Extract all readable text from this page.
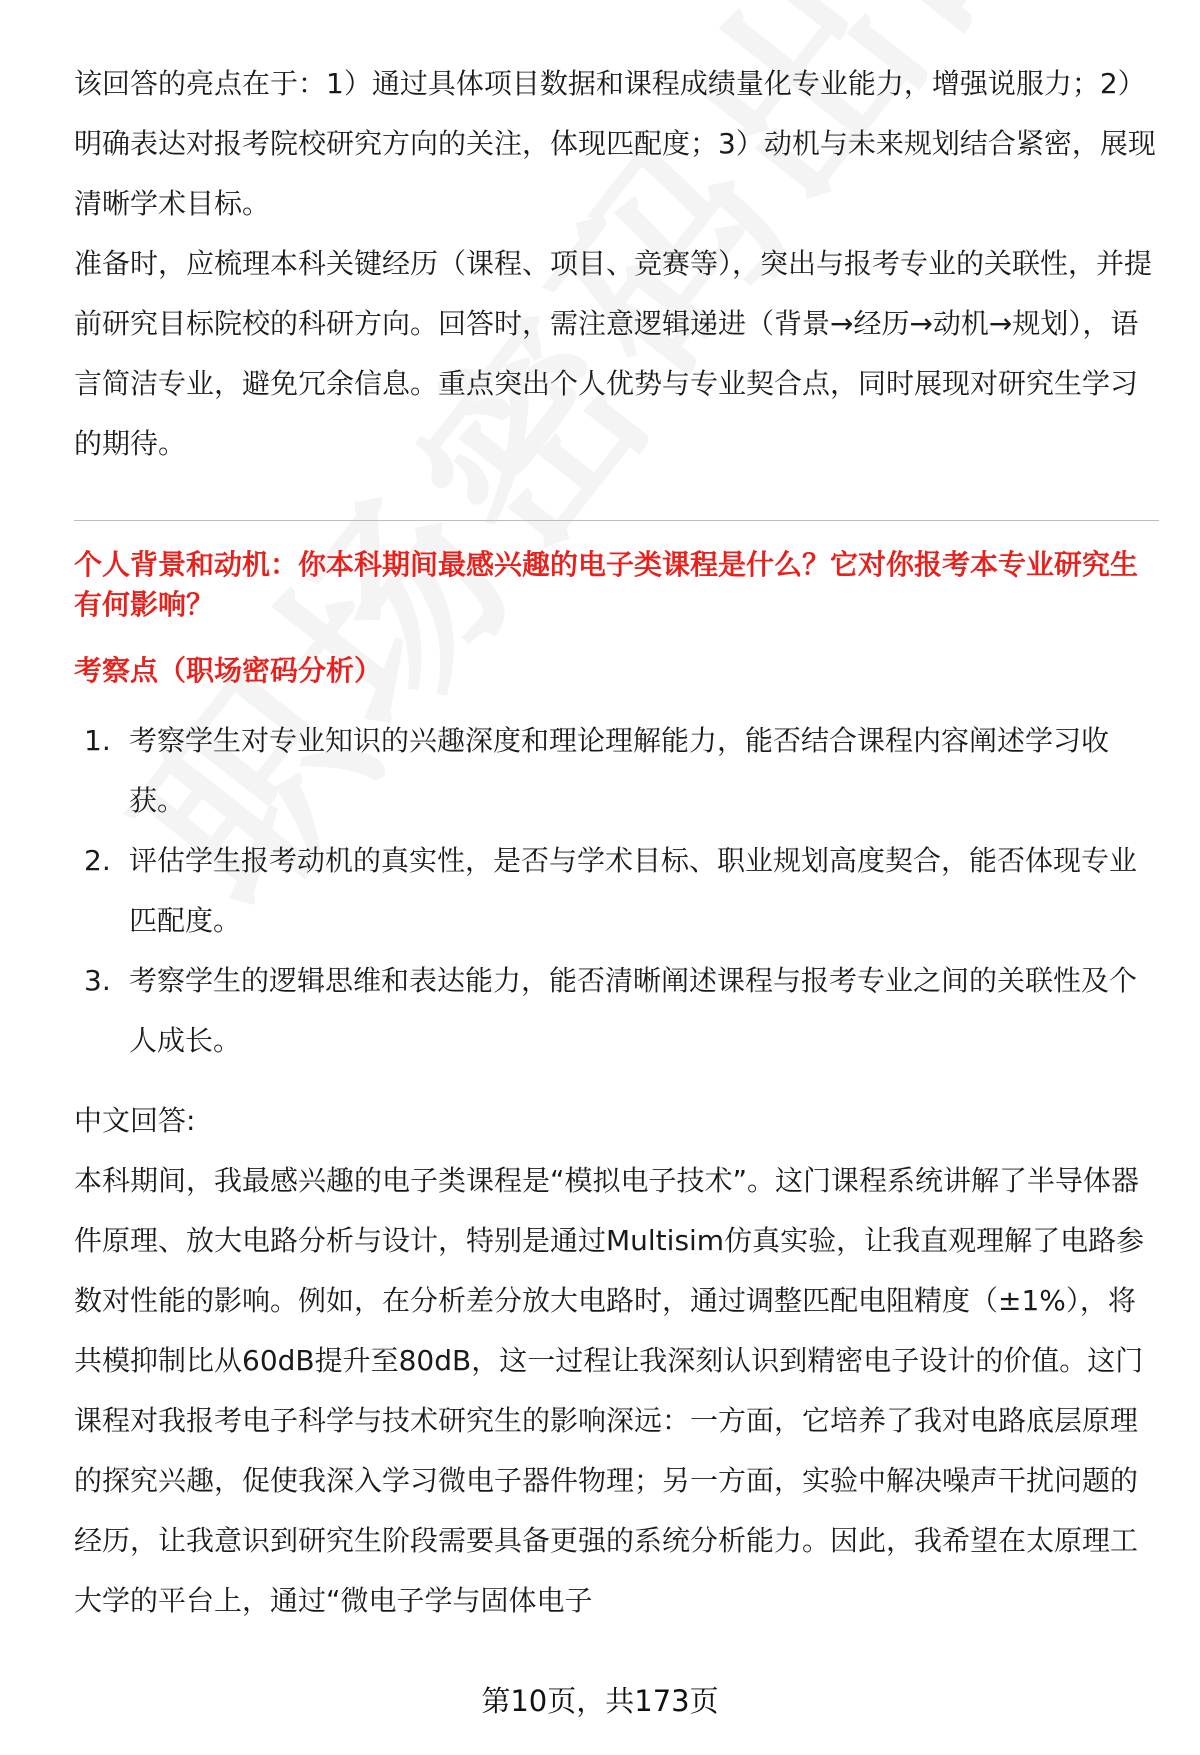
该回答的亮点在于：1）通过具体项目数据和课程成绩量化专业能力，增强说服力；2）明确表达对报考院校研究方向的关注，体现匹配度；3）动机与未来规划结合紧密，展现清晰学术目标。

准备时，应梳理本科关键经历（课程、项目、竞赛等），突出与报考专业的关联性，并提前研究目标院校的科研方向。回答时，需注意逻辑递进（背景→经历→动机→规划），语言简洁专业，避免冗余信息。重点突出个人优势与专业契合点，同时展现对研究生学习的期待。

个人背景和动机：你本科期间最感兴趣的电子类课程是什么？它对你报考本专业研究生有何影响？
考察点（职场密码分析）
1. 考察学生对专业知识的兴趣深度和理论理解能力，能否结合课程内容阐述学习收获。
2. 评估学生报考动机的真实性，是否与学术目标、职业规划高度契合，能否体现专业匹配度。
3. 考察学生的逻辑思维和表达能力，能否清晰阐述课程与报考专业之间的关联性及个人成长。

中文回答:

本科期间，我最感兴趣的电子类课程是“模拟电子技术”。这门课程系统讲解了半导体器件原理、放大电路分析与设计，特别是通过Multisim仿真实验，让我直观理解了电路参数对性能的影响。例如，在分析差分放大电路时，通过调整匹配电阻精度（±1%），将共模抑制比从60dB提升至80dB，这一过程让我深刻认识到精密电子设计的价值。这门课程对我报考电子科学与技术研究生的影响深远：一方面，它培养了我对电路底层原理的探究兴趣，促使我深入学习微电子器件物理；另一方面，实验中解决噪声干扰问题的经历，让我意识到研究生阶段需要具备更强的系统分析能力。因此，我希望在太原理工大学的平台上，通过“微电子学与固体电子

第10页，共173页
